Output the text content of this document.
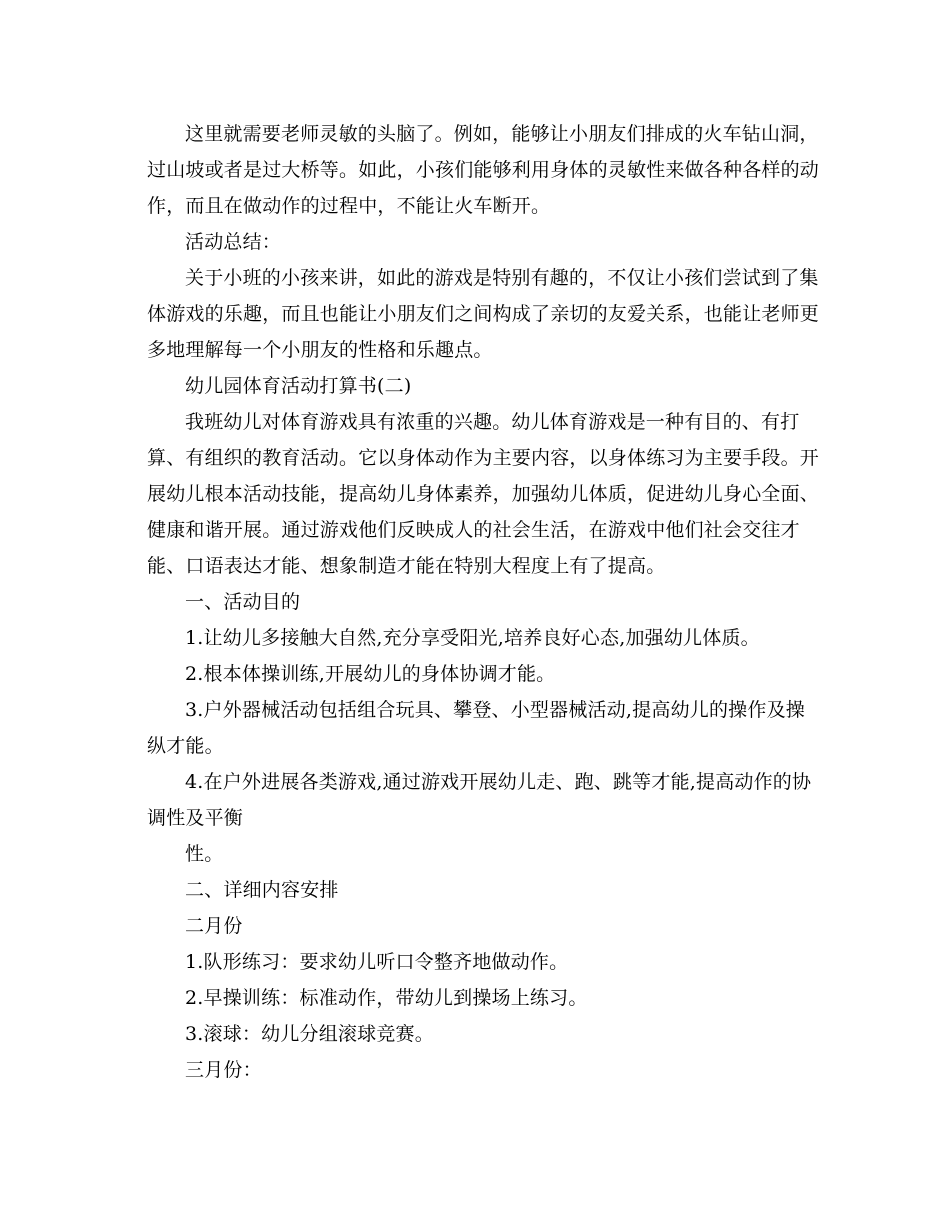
这里就需要老师灵敏的头脑了。例如，能够让小朋友们排成的火车钻山洞，
过山坡或者是过大桥等。如此，小孩们能够利用身体的灵敏性来做各种各样的动
作，而且在做动作的过程中，不能让火车断开。
活动总结：
关于小班的小孩来讲，如此的游戏是特别有趣的，不仅让小孩们尝试到了集
体游戏的乐趣，而且也能让小朋友们之间构成了亲切的友爱关系，也能让老师更
多地理解每一个小朋友的性格和乐趣点。
幼儿园体育活动打算书(二)
我班幼儿对体育游戏具有浓重的兴趣。幼儿体育游戏是一种有目的、有打
算、有组织的教育活动。它以身体动作为主要内容，以身体练习为主要手段。开
展幼儿根本活动技能，提高幼儿身体素养，加强幼儿体质，促进幼儿身心全面、
健康和谐开展。通过游戏他们反映成人的社会生活，在游戏中他们社会交往才
能、口语表达才能、想象制造才能在特别大程度上有了提高。
一、活动目的
1.让幼儿多接触大自然,充分享受阳光,培养良好心态,加强幼儿体质。
2.根本体操训练,开展幼儿的身体协调才能。
3.户外器械活动包括组合玩具、攀登、小型器械活动,提高幼儿的操作及操
纵才能。
4.在户外进展各类游戏,通过游戏开展幼儿走、跑、跳等才能,提高动作的协
调性及平衡
性。
二、详细内容安排
二月份
1.队形练习：要求幼儿听口令整齐地做动作。
2.早操训练：标准动作，带幼儿到操场上练习。
3.滚球：幼儿分组滚球竞赛。
三月份：
